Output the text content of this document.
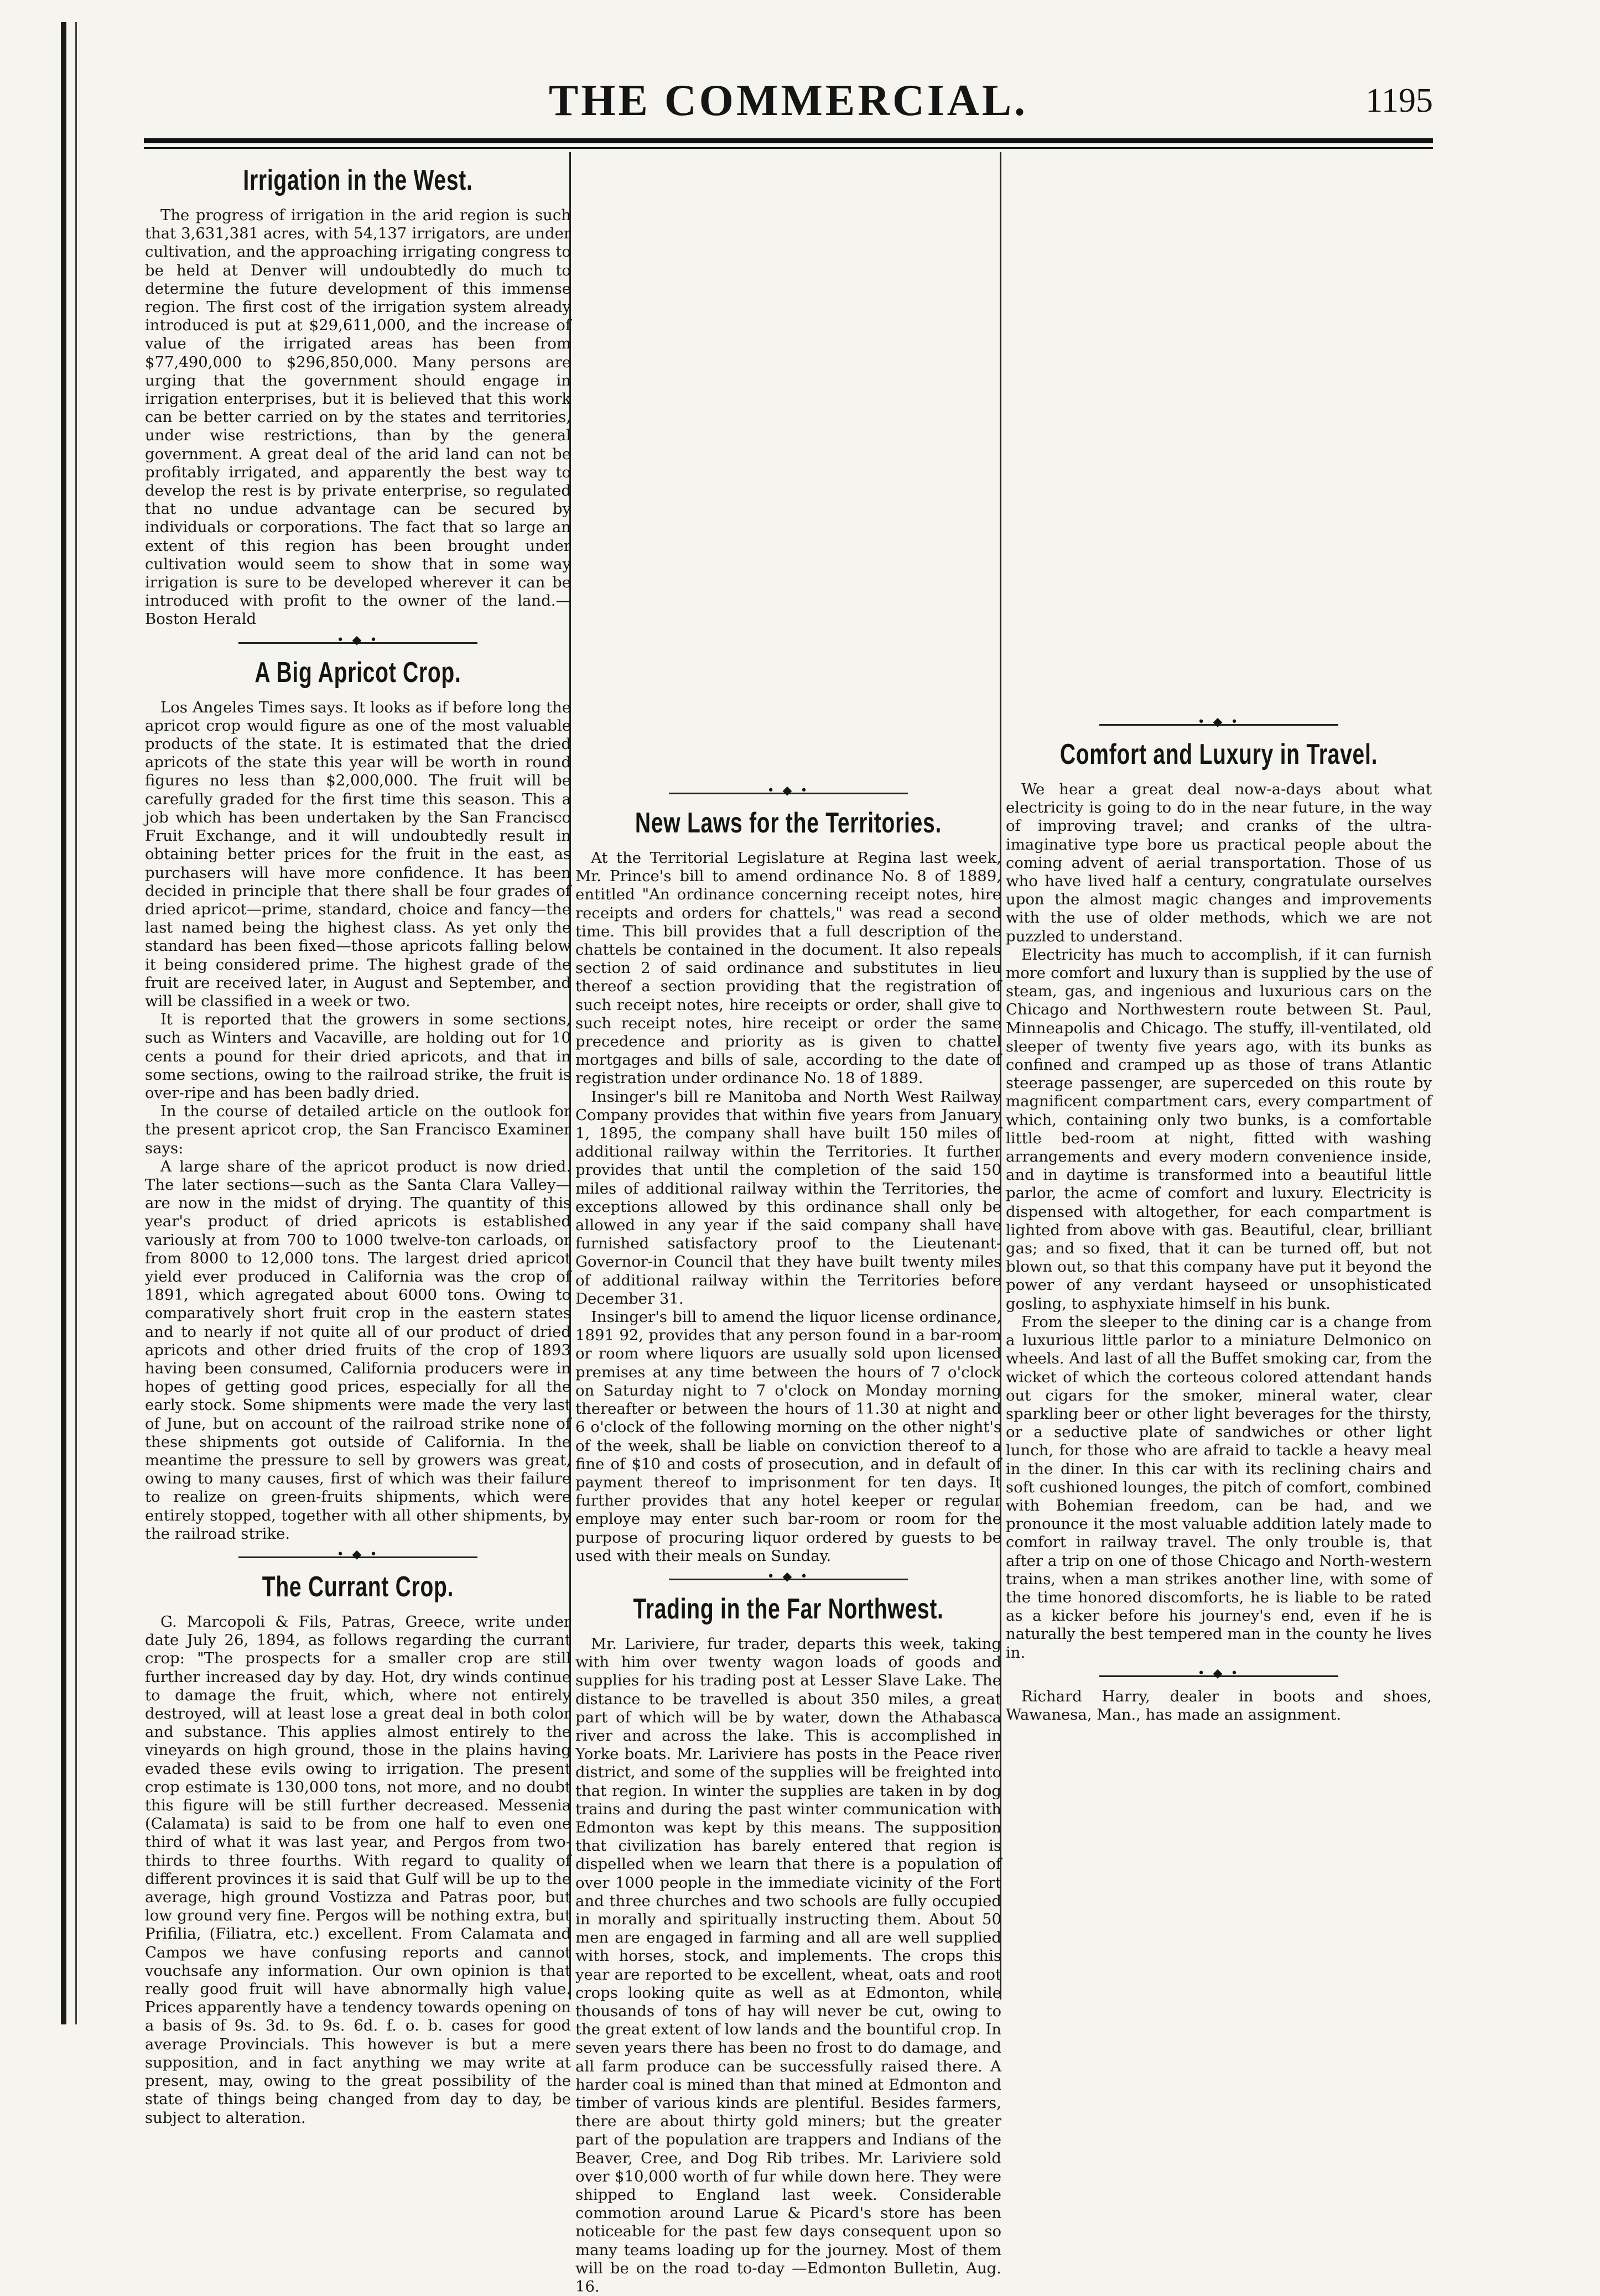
THE COMMERCIAL.	1195
Irrigation in the West.

The progress of irrigation in the arid region is such that 3,631,381 acres, with 54,137 irrigators, are under cultivation, and the approaching irrigating congress to be held at Denver will undoubtedly do much to determine the future development of this immense region. The first cost of the irrigation system already introduced is put at $29,611,000, and the increase of value of the irrigated areas has been from $77,490,000 to $296,850,000. Many persons are urging that the government should engage in irrigation enterprises, but it is believed that this work can be better carried on by the states and territories, under wise restrictions, than by the general government. A great deal of the arid land can not be profitably irrigated, and apparently the best way to develop the rest is by private enterprise, so regulated that no undue advantage can be secured by individuals or corporations. The fact that so large an extent of this region has been brought under cultivation would seem to show that in some way irrigation is sure to be developed wherever it can be introduced with profit to the owner of the land.—Boston Herald

• ◆ •
A Big Apricot Crop.

Los Angeles Times says. It looks as if before long the apricot crop would figure as one of the most valuable products of the state. It is estimated that the dried apricots of the state this year will be worth in round figures no less than $2,000,000. The fruit will be carefully graded for the first time this season. This a job which has been undertaken by the San Francisco Fruit Exchange, and it will undoubtedly result in obtaining better prices for the fruit in the east, as purchasers will have more confidence. It has been decided in principle that there shall be four grades of dried apricot—prime, standard, choice and fancy—the last named being the highest class. As yet only the standard has been fixed—those apricots falling below it being considered prime. The highest grade of the fruit are received later, in August and September, and will be classified in a week or two.

It is reported that the growers in some sections, such as Winters and Vacaville, are holding out for 10 cents a pound for their dried apricots, and that in some sections, owing to the railroad strike, the fruit is over-ripe and has been badly dried.

In the course of detailed article on the outlook for the present apricot crop, the San Francisco Examiner says:

A large share of the apricot product is now dried. The later sections—such as the Santa Clara Valley—are now in the midst of drying. The quantity of this year's product of dried apricots is established variously at from 700 to 1000 twelve-ton carloads, or from 8000 to 12,000 tons. The largest dried apricot yield ever produced in California was the crop of 1891, which agregated about 6000 tons. Owing to comparatively short fruit crop in the eastern states and to nearly if not quite all of our product of dried apricots and other dried fruits of the crop of 1893 having been consumed, California producers were in hopes of getting good prices, especially for all the early stock. Some shipments were made the very last of June, but on account of the railroad strike none of these shipments got outside of California. In the meantime the pressure to sell by growers was great, owing to many causes, first of which was their failure to realize on green-fruits shipments, which were entirely stopped, together with all other shipments, by the railroad strike.

• ◆ •
The Currant Crop.

G. Marcopoli & Fils, Patras, Greece, write under date July 26, 1894, as follows regarding the currant crop: "The prospects for a smaller crop are still further increased day by day. Hot, dry winds continue to damage the fruit, which, where not entirely destroyed, will at least lose a great deal in both color and substance. This applies almost entirely to the vineyards on high ground, those in the plains having evaded these evils owing to irrigation. The present crop estimate is 130,000 tons, not more, and no doubt this figure will be still further decreased. Messenia (Calamata) is said to be from one half to even one third of what it was last year, and Pergos from two-thirds to three fourths. With regard to quality of different provinces it is said that Gulf will be up to the average, high ground Vostizza and Patras poor, but low ground very fine. Pergos will be nothing extra, but Prifilia, (Filiatra, etc.) excellent. From Calamata and Campos we have confusing reports and cannot vouchsafe any information. Our own opinion is that really good fruit will have abnormally high value. Prices apparently have a tendency towards opening on a basis of 9s. 3d. to 9s. 6d. f. o. b. cases for good average Provincials. This however is but a mere supposition, and in fact anything we may write at present, may, owing to the great possibility of the state of things being changed from day to day, be subject to alteration.

• ◆ •
New Laws for the Territories.

At the Territorial Legislature at Regina last week, Mr. Prince's bill to amend ordinance No. 8 of 1889, entitled "An ordinance concerning receipt notes, hire receipts and orders for chattels," was read a second time. This bill provides that a full description of the chattels be contained in the document. It also repeals section 2 of said ordinance and substitutes in lieu thereof a section providing that the registration of such receipt notes, hire receipts or order, shall give to such receipt notes, hire receipt or order the same precedence and priority as is given to chattel mortgages and bills of sale, according to the date of registration under ordinance No. 18 of 1889.

Insinger's bill re Manitoba and North West Railway Company provides that within five years from January 1, 1895, the company shall have built 150 miles of additional railway within the Territories. It further provides that until the completion of the said 150 miles of additional railway within the Territories, the exceptions allowed by this ordinance shall only be allowed in any year if the said company shall have furnished satisfactory proof to the Lieutenant-Governor-in Council that they have built twenty miles of additional railway within the Territories before December 31.

Insinger's bill to amend the liquor license ordinance, 1891 92, provides that any person found in a bar-room or room where liquors are usually sold upon licensed premises at any time between the hours of 7 o'clock on Saturday night to 7 o'clock on Monday morning thereafter or between the hours of 11.30 at night and 6 o'clock of the following morning on the other night's of the week, shall be liable on conviction thereof to a fine of $10 and costs of prosecution, and in default of payment thereof to imprisonment for ten days. It further provides that any hotel keeper or regular employe may enter such bar-room or room for the purpose of procuring liquor ordered by guests to be used with their meals on Sunday.

• ◆ •
Trading in the Far Northwest.

Mr. Lariviere, fur trader, departs this week, taking with him over twenty wagon loads of goods and supplies for his trading post at Lesser Slave Lake. The distance to be travelled is about 350 miles, a great part of which will be by water, down the Athabasca river and across the lake. This is accomplished in Yorke boats. Mr. Lariviere has posts in the Peace river district, and some of the supplies will be freighted into that region. In winter the supplies are taken in by dog trains and during the past winter communication with Edmonton was kept by this means. The supposition that civilization has barely entered that region is dispelled when we learn that there is a population of over 1000 people in the immediate vicinity of the Fort and three churches and two schools are fully occupied in morally and spiritually instructing them. About 50 men are engaged in farming and all are well supplied with horses, stock, and implements. The crops this year are reported to be excellent, wheat, oats and root crops looking quite as well as at Edmonton, while thousands of tons of hay will never be cut, owing to the great extent of low lands and the bountiful crop. In seven years there has been no frost to do damage, and all farm produce can be successfully raised there. A harder coal is mined than that mined at Edmonton and timber of various kinds are plentiful. Besides farmers, there are about thirty gold miners; but the greater part of the population are trappers and Indians of the Beaver, Cree, and Dog Rib tribes. Mr. Lariviere sold over $10,000 worth of fur while down here. They were shipped to England last week. Considerable commotion around Larue & Picard's store has been noticeable for the past few days consequent upon so many teams loading up for the journey. Most of them will be on the road to-day —Edmonton Bulletin, Aug. 16.

• ◆ •
Comfort and Luxury in Travel.

We hear a great deal now-a-days about what electricity is going to do in the near future, in the way of improving travel; and cranks of the ultra-imaginative type bore us practical people about the coming advent of aerial transportation. Those of us who have lived half a century, congratulate ourselves upon the almost magic changes and improvements with the use of older methods, which we are not puzzled to understand.

Electricity has much to accomplish, if it can furnish more comfort and luxury than is supplied by the use of steam, gas, and ingenious and luxurious cars on the Chicago and Northwestern route between St. Paul, Minneapolis and Chicago. The stuffy, ill-ventilated, old sleeper of twenty five years ago, with its bunks as confined and cramped up as those of trans Atlantic steerage passenger, are superceded on this route by magnificent compartment cars, every compartment of which, containing only two bunks, is a comfortable little bed-room at night, fitted with washing arrangements and every modern convenience inside, and in daytime is transformed into a beautiful little parlor, the acme of comfort and luxury. Electricity is dispensed with altogether, for each compartment is lighted from above with gas. Beautiful, clear, brilliant gas; and so fixed, that it can be turned off, but not blown out, so that this company have put it beyond the power of any verdant hayseed or unsophisticated gosling, to asphyxiate himself in his bunk.

From the sleeper to the dining car is a change from a luxurious little parlor to a miniature Delmonico on wheels. And last of all the Buffet smoking car, from the wicket of which the corteous colored attendant hands out cigars for the smoker, mineral water, clear sparkling beer or other light beverages for the thirsty, or a seductive plate of sandwiches or other light lunch, for those who are afraid to tackle a heavy meal in the diner. In this car with its reclining chairs and soft cushioned lounges, the pitch of comfort, combined with Bohemian freedom, can be had, and we pronounce it the most valuable addition lately made to comfort in railway travel. The only trouble is, that after a trip on one of those Chicago and North-western trains, when a man strikes another line, with some of the time honored discomforts, he is liable to be rated as a kicker before his journey's end, even if he is naturally the best tempered man in the county he lives in.

• ◆ •

Richard Harry, dealer in boots and shoes, Wawanesa, Man., has made an assignment.
